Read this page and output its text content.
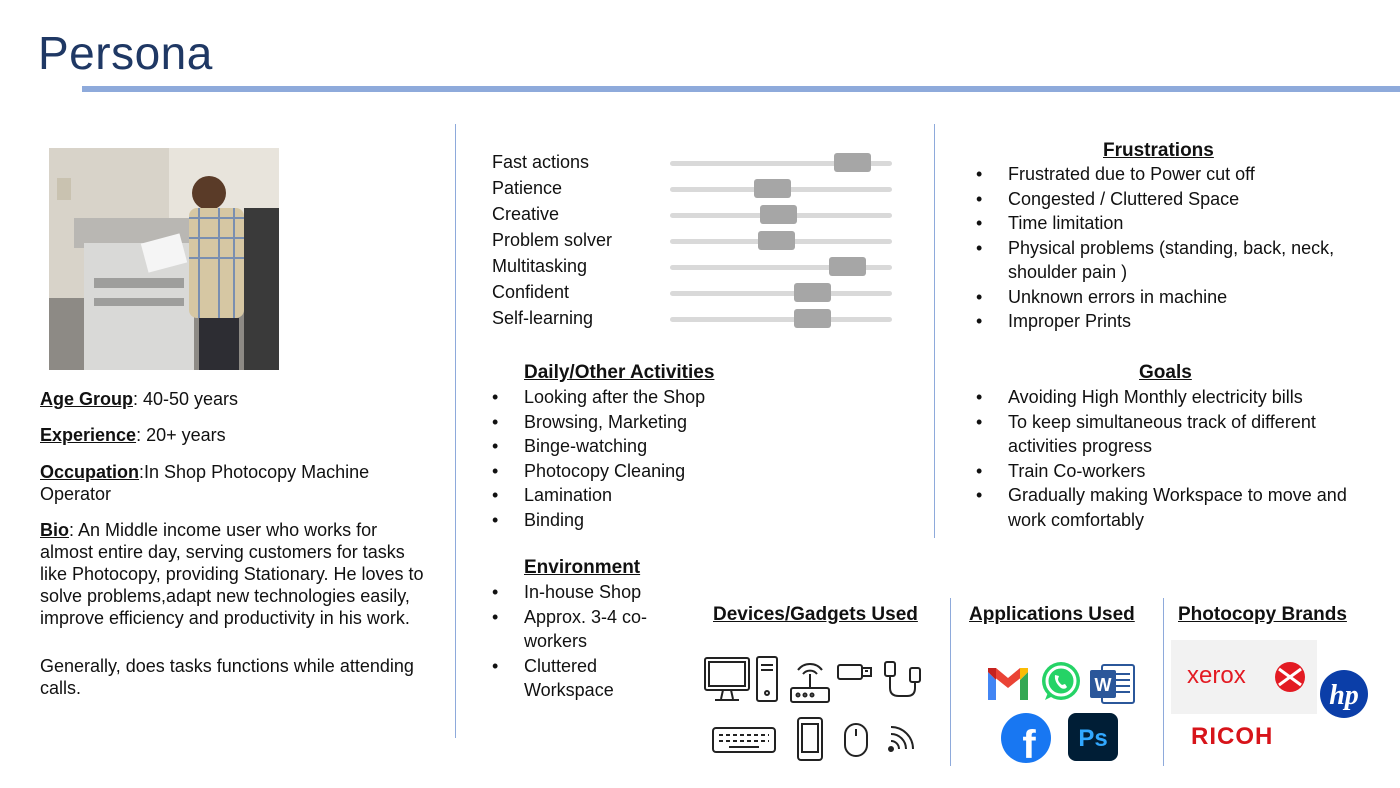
Persona
Age Group: 40-50 years
Experience: 20+ years
Occupation:In Shop Photocopy Machine Operator
Bio: An Middle income user who works for almost entire day, serving customers for tasks like Photocopy, providing Stationary. He loves to solve problems,adapt new technologies easily, improve efficiency and productivity in his work.
Generally, does tasks functions while attending calls.
Fast actions
Patience
Creative
Problem solver
Multitasking
Confident
Self-learning
Daily/Other Activities
• Looking after the Shop
• Browsing, Marketing
• Binge-watching
• Photocopy Cleaning
• Lamination
• Binding
Environment
• In-house Shop
• Approx. 3-4 co-workers
• Cluttered Workspace
Frustrations
• Frustrated due to Power cut off
• Congested / Cluttered Space
• Time limitation
• Physical problems (standing, back, neck, shoulder pain )
• Unknown errors in machine
• Improper Prints
Goals
• Avoiding High Monthly electricity bills
• To keep simultaneous track of different activities progress
• Train Co-workers
• Gradually making Workspace to move and work comfortably
Devices/Gadgets Used	Applications Used
W
f Ps
Photocopy Brands
xerox
hp
RICOH
